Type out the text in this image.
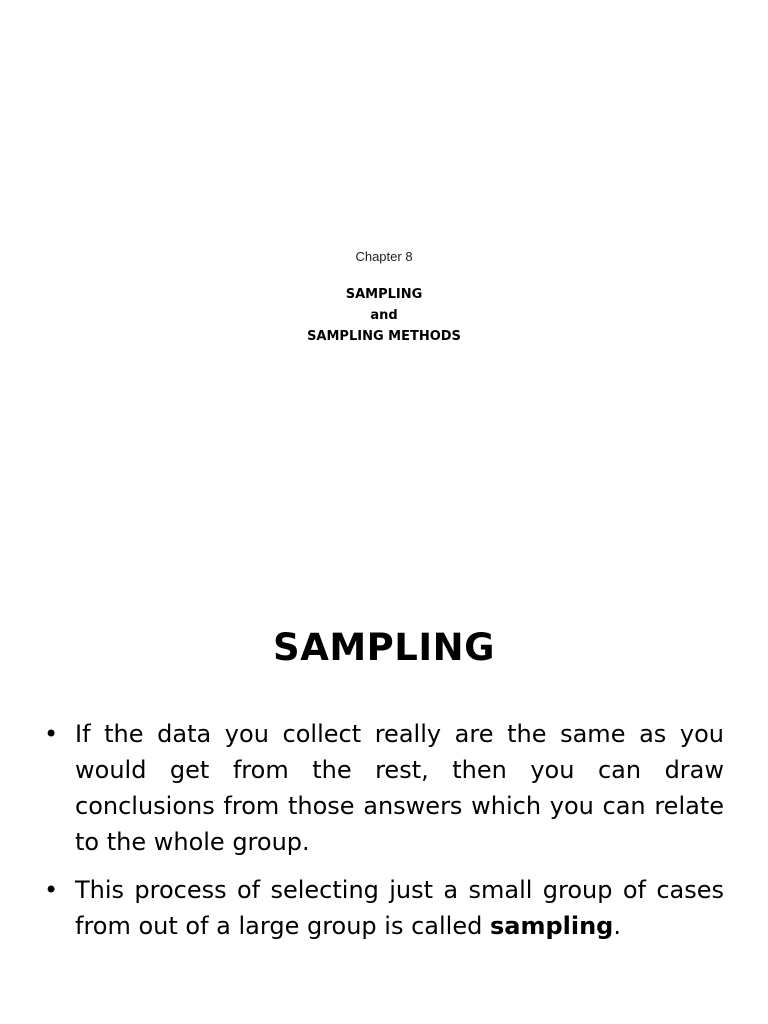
Chapter 8
SAMPLING
and
SAMPLING METHODS
SAMPLING
• If the data you collect really are the same as you would get from the rest, then you can draw conclusions from those answers which you can relate to the whole group.
• This process of selecting just a small group of cases from out of a large group is called sampling.
